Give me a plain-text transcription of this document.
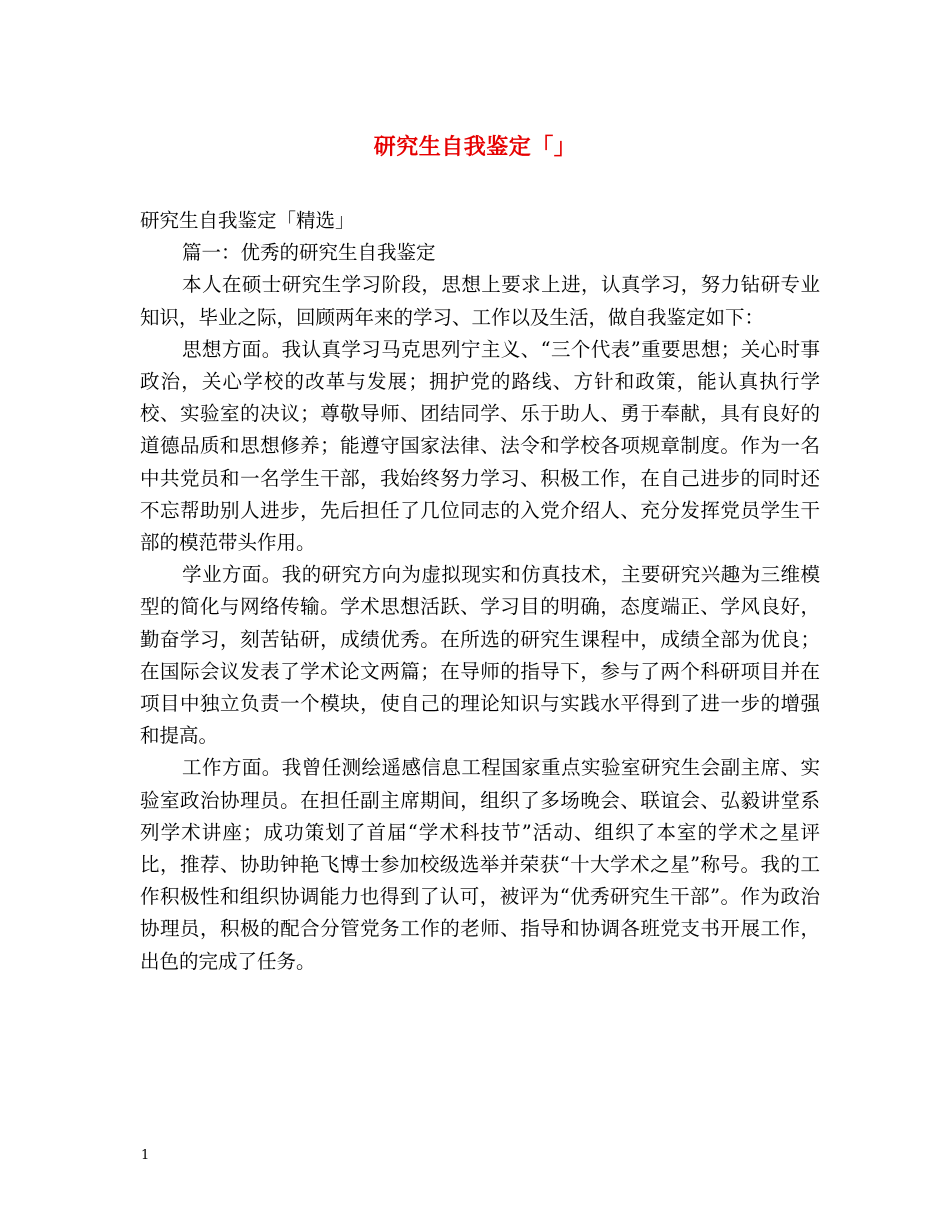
研究生自我鉴定「」

研究生自我鉴定「精选」

篇一：优秀的研究生自我鉴定

本人在硕士研究生学习阶段，思想上要求上进，认真学习，努力钻研专业知识，毕业之际，回顾两年来的学习、工作以及生活，做自我鉴定如下：

思想方面。我认真学习马克思列宁主义、“三个代表”重要思想；关心时事政治，关心学校的改革与发展；拥护党的路线、方针和政策，能认真执行学校、实验室的决议；尊敬导师、团结同学、乐于助人、勇于奉献，具有良好的道德品质和思想修养；能遵守国家法律、法令和学校各项规章制度。作为一名中共党员和一名学生干部，我始终努力学习、积极工作，在自己进步的同时还不忘帮助别人进步，先后担任了几位同志的入党介绍人、充分发挥党员学生干部的模范带头作用。

学业方面。我的研究方向为虚拟现实和仿真技术，主要研究兴趣为三维模型的简化与网络传输。学术思想活跃、学习目的明确，态度端正、学风良好，勤奋学习，刻苦钻研，成绩优秀。在所选的研究生课程中，成绩全部为优良；在国际会议发表了学术论文两篇；在导师的指导下，参与了两个科研项目并在项目中独立负责一个模块，使自己的理论知识与实践水平得到了进一步的增强和提高。

工作方面。我曾任测绘遥感信息工程国家重点实验室研究生会副主席、实验室政治协理员。在担任副主席期间，组织了多场晚会、联谊会、弘毅讲堂系列学术讲座；成功策划了首届“学术科技节”活动、组织了本室的学术之星评比，推荐、协助钟艳飞博士参加校级选举并荣获“十大学术之星”称号。我的工作积极性和组织协调能力也得到了认可，被评为“优秀研究生干部”。作为政治协理员，积极的配合分管党务工作的老师、指导和协调各班党支书开展工作，出色的完成了任务。

1
